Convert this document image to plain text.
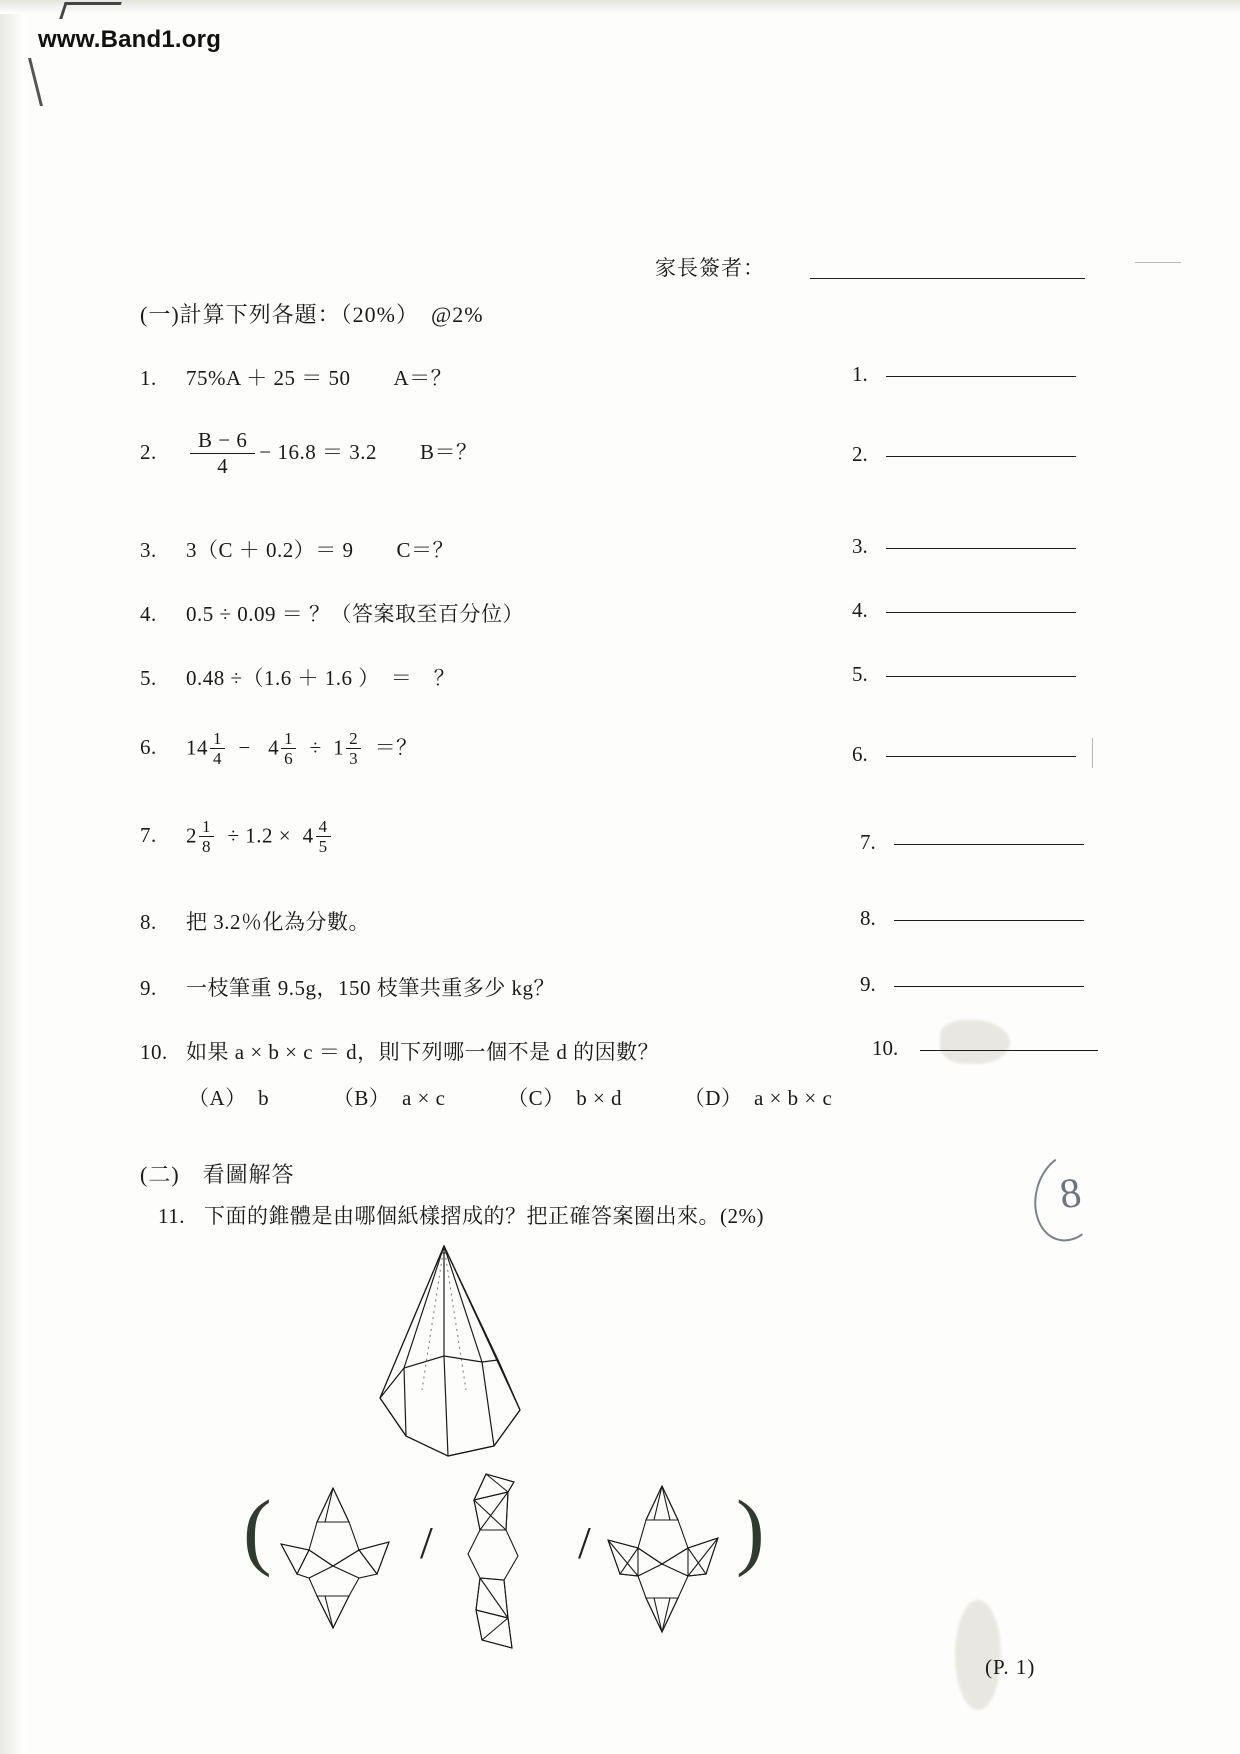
www.Band1.org
8
家長簽者：
(一)計算下列各題：（20%）　@2%
1. 75%A ＋ 25 ＝ 50　　A＝？	1.
2. $\frac{B - 6}{4} - 16.8 = 3.2$　　B＝？	2.
3. 3（C ＋ 0.2）＝ 9　　C＝？	3.
4. 0.5 ÷ 0.09 ＝ ？（答案取至百分位）	4.
5. 0.48 ÷（1.6 ＋ 1.6 ）　＝　？	5.
6. $14 \frac{1}{4} - 4 \frac{1}{6} \div 1 \frac{2}{3}$ ＝？	6.
7. $2 \frac{1}{8} \div 1.2 \times 4 \frac{4}{5}$	7.
8. 把 3.2％化為分數。	8.
9. 一枝筆重 9.5g，150 枝筆共重多少 kg？	9.
10. 如果 a × b × c ＝ d，則下列哪一個不是 d 的因數？	10.
（A） b	（B） a × c	（C） b × d	（D） a × b × c
(二)　看圖解答
11. 下面的錐體是由哪個紙樣摺成的？把正確答案圈出來。(2%)
(	)
/	/
(P. 1)
